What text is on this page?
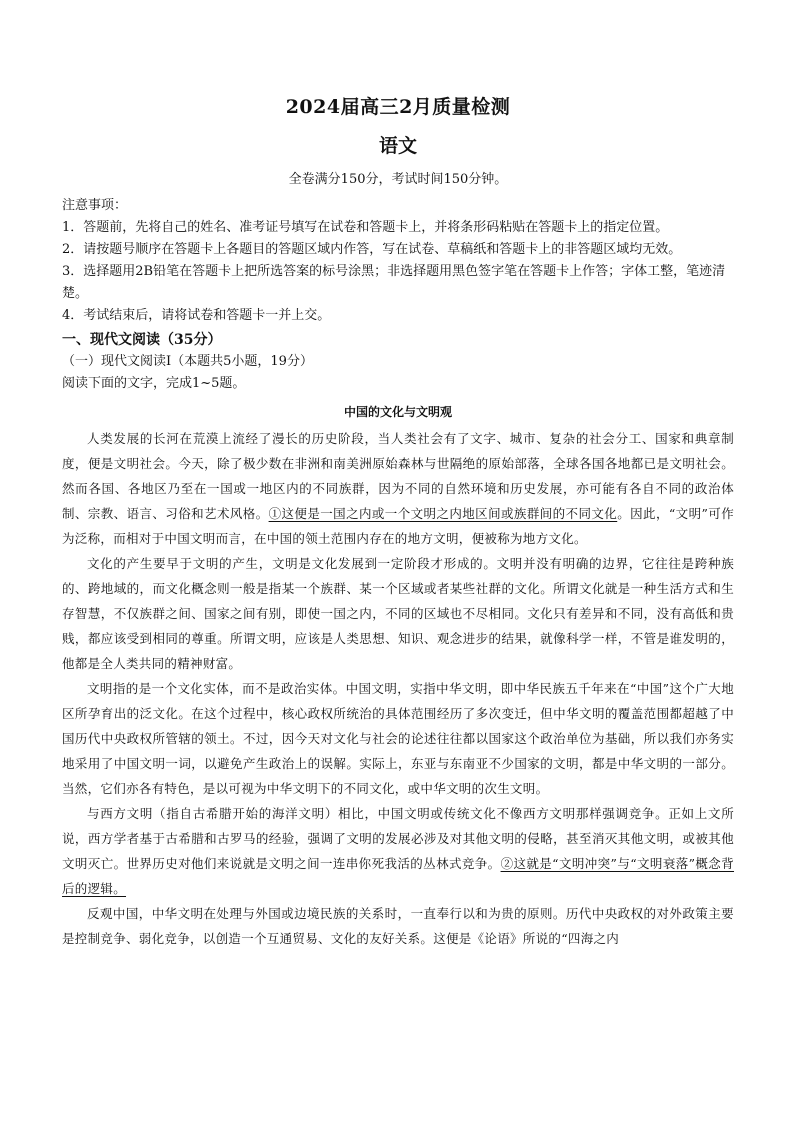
2024届高三2月质量检测
语文

全卷满分150分，考试时间150分钟。

注意事项：

1．答题前，先将自己的姓名、准考证号填写在试卷和答题卡上，并将条形码粘贴在答题卡上的指定位置。

2．请按题号顺序在答题卡上各题目的答题区域内作答，写在试卷、草稿纸和答题卡上的非答题区域均无效。

3．选择题用2B铅笔在答题卡上把所选答案的标号涂黑；非选择题用黑色签字笔在答题卡上作答；字体工整，笔迹清楚。

4．考试结束后，请将试卷和答题卡一并上交。

一、现代文阅读（35分）

（一）现代文阅读Ⅰ（本题共5小题，19分）

阅读下面的文字，完成1~5题。

中国的文化与文明观

人类发展的长河在荒漠上流经了漫长的历史阶段，当人类社会有了文字、城市、复杂的社会分工、国家和典章制度，便是文明社会。今天，除了极少数在非洲和南美洲原始森林与世隔绝的原始部落，全球各国各地都已是文明社会。然而各国、各地区乃至在一国或一地区内的不同族群，因为不同的自然环境和历史发展，亦可能有各自不同的政治体制、宗教、语言、习俗和艺术风格。①这便是一国之内或一个文明之内地区间或族群间的不同文化。因此，“文明”可作为泛称，而相对于中国文明而言，在中国的领土范围内存在的地方文明，便被称为地方文化。

文化的产生要早于文明的产生，文明是文化发展到一定阶段才形成的。文明并没有明确的边界，它往往是跨种族的、跨地域的，而文化概念则一般是指某一个族群、某一个区域或者某些社群的文化。所谓文化就是一种生活方式和生存智慧，不仅族群之间、国家之间有别，即使一国之内，不同的区域也不尽相同。文化只有差异和不同，没有高低和贵贱，都应该受到相同的尊重。所谓文明，应该是人类思想、知识、观念进步的结果，就像科学一样，不管是谁发明的，他都是全人类共同的精神财富。

文明指的是一个文化实体，而不是政治实体。中国文明，实指中华文明，即中华民族五千年来在“中国”这个广大地区所孕育出的泛文化。在这个过程中，核心政权所统治的具体范围经历了多次变迁，但中华文明的覆盖范围都超越了中国历代中央政权所管辖的领土。不过，因今天对文化与社会的论述往往都以国家这个政治单位为基础，所以我们亦务实地采用了中国文明一词，以避免产生政治上的误解。实际上，东亚与东南亚不少国家的文明，都是中华文明的一部分。当然，它们亦各有特色，是以可视为中华文明下的不同文化，或中华文明的次生文明。

与西方文明（指自古希腊开始的海洋文明）相比，中国文明或传统文化不像西方文明那样强调竞争。正如上文所说，西方学者基于古希腊和古罗马的经验，强调了文明的发展必涉及对其他文明的侵略，甚至消灭其他文明，或被其他文明灭亡。世界历史对他们来说就是文明之间一连串你死我活的丛林式竞争。②这就是“文明冲突”与“文明衰落”概念背后的逻辑。

反观中国，中华文明在处理与外国或边境民族的关系时，一直奉行以和为贵的原则。历代中央政权的对外政策主要是控制竞争、弱化竞争，以创造一个互通贸易、文化的友好关系。这便是《论语》所说的“四海之内
